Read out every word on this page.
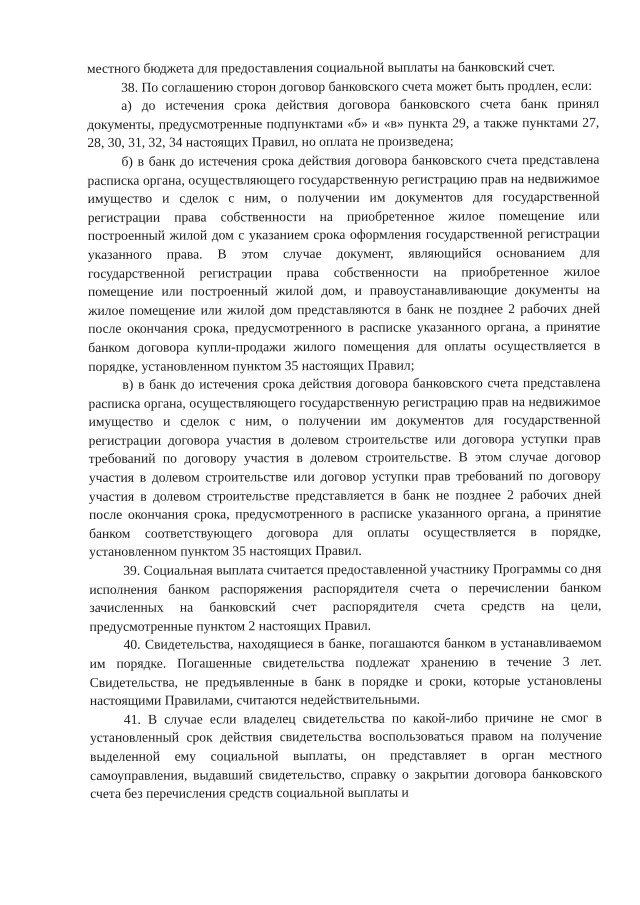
местного бюджета для предоставления социальной выплаты на банковский счет.

38. По соглашению сторон договор банковского счета может быть продлен, если:

а) до истечения срока действия договора банковского счета банк принял документы, предусмотренные подпунктами «б» и «в» пункта 29, а также пунктами 27, 28, 30, 31, 32, 34 настоящих Правил, но оплата не произведена;

б) в банк до истечения срока действия договора банковского счета представлена расписка органа, осуществляющего государственную регистрацию прав на недвижимое имущество и сделок с ним, о получении им документов для государственной регистрации права собственности на приобретенное жилое помещение или построенный жилой дом с указанием срока оформления государственной регистрации указанного права. В этом случае документ, являющийся основанием для государственной регистрации права собственности на приобретенное жилое помещение или построенный жилой дом, и правоустанавливающие документы на жилое помещение или жилой дом представляются в банк не позднее 2 рабочих дней после окончания срока, предусмотренного в расписке указанного органа, а принятие банком договора купли-продажи жилого помещения для оплаты осуществляется в порядке, установленном пунктом 35 настоящих Правил;

в) в банк до истечения срока действия договора банковского счета представлена расписка органа, осуществляющего государственную регистрацию прав на недвижимое имущество и сделок с ним, о получении им документов для государственной регистрации договора участия в долевом строительстве или договора уступки прав требований по договору участия в долевом строительстве. В этом случае договор участия в долевом строительстве или договор уступки прав требований по договору участия в долевом строительстве представляется в банк не позднее 2 рабочих дней после окончания срока, предусмотренного в расписке указанного органа, а принятие банком соответствующего договора для оплаты осуществляется в порядке, установленном пунктом 35 настоящих Правил.

39. Социальная выплата считается предоставленной участнику Программы со дня исполнения банком распоряжения распорядителя счета о перечислении банком зачисленных на банковский счет распорядителя счета средств на цели, предусмотренные пунктом 2 настоящих Правил.

40. Свидетельства, находящиеся в банке, погашаются банком в устанавливаемом им порядке. Погашенные свидетельства подлежат хранению в течение 3 лет. Свидетельства, не предъявленные в банк в порядке и сроки, которые установлены настоящими Правилами, считаются недействительными.

41. В случае если владелец свидетельства по какой-либо причине не смог в установленный срок действия свидетельства воспользоваться правом на получение выделенной ему социальной выплаты, он представляет в орган местного самоуправления, выдавший свидетельство, справку о закрытии договора банковского счета без перечисления средств социальной выплаты и
